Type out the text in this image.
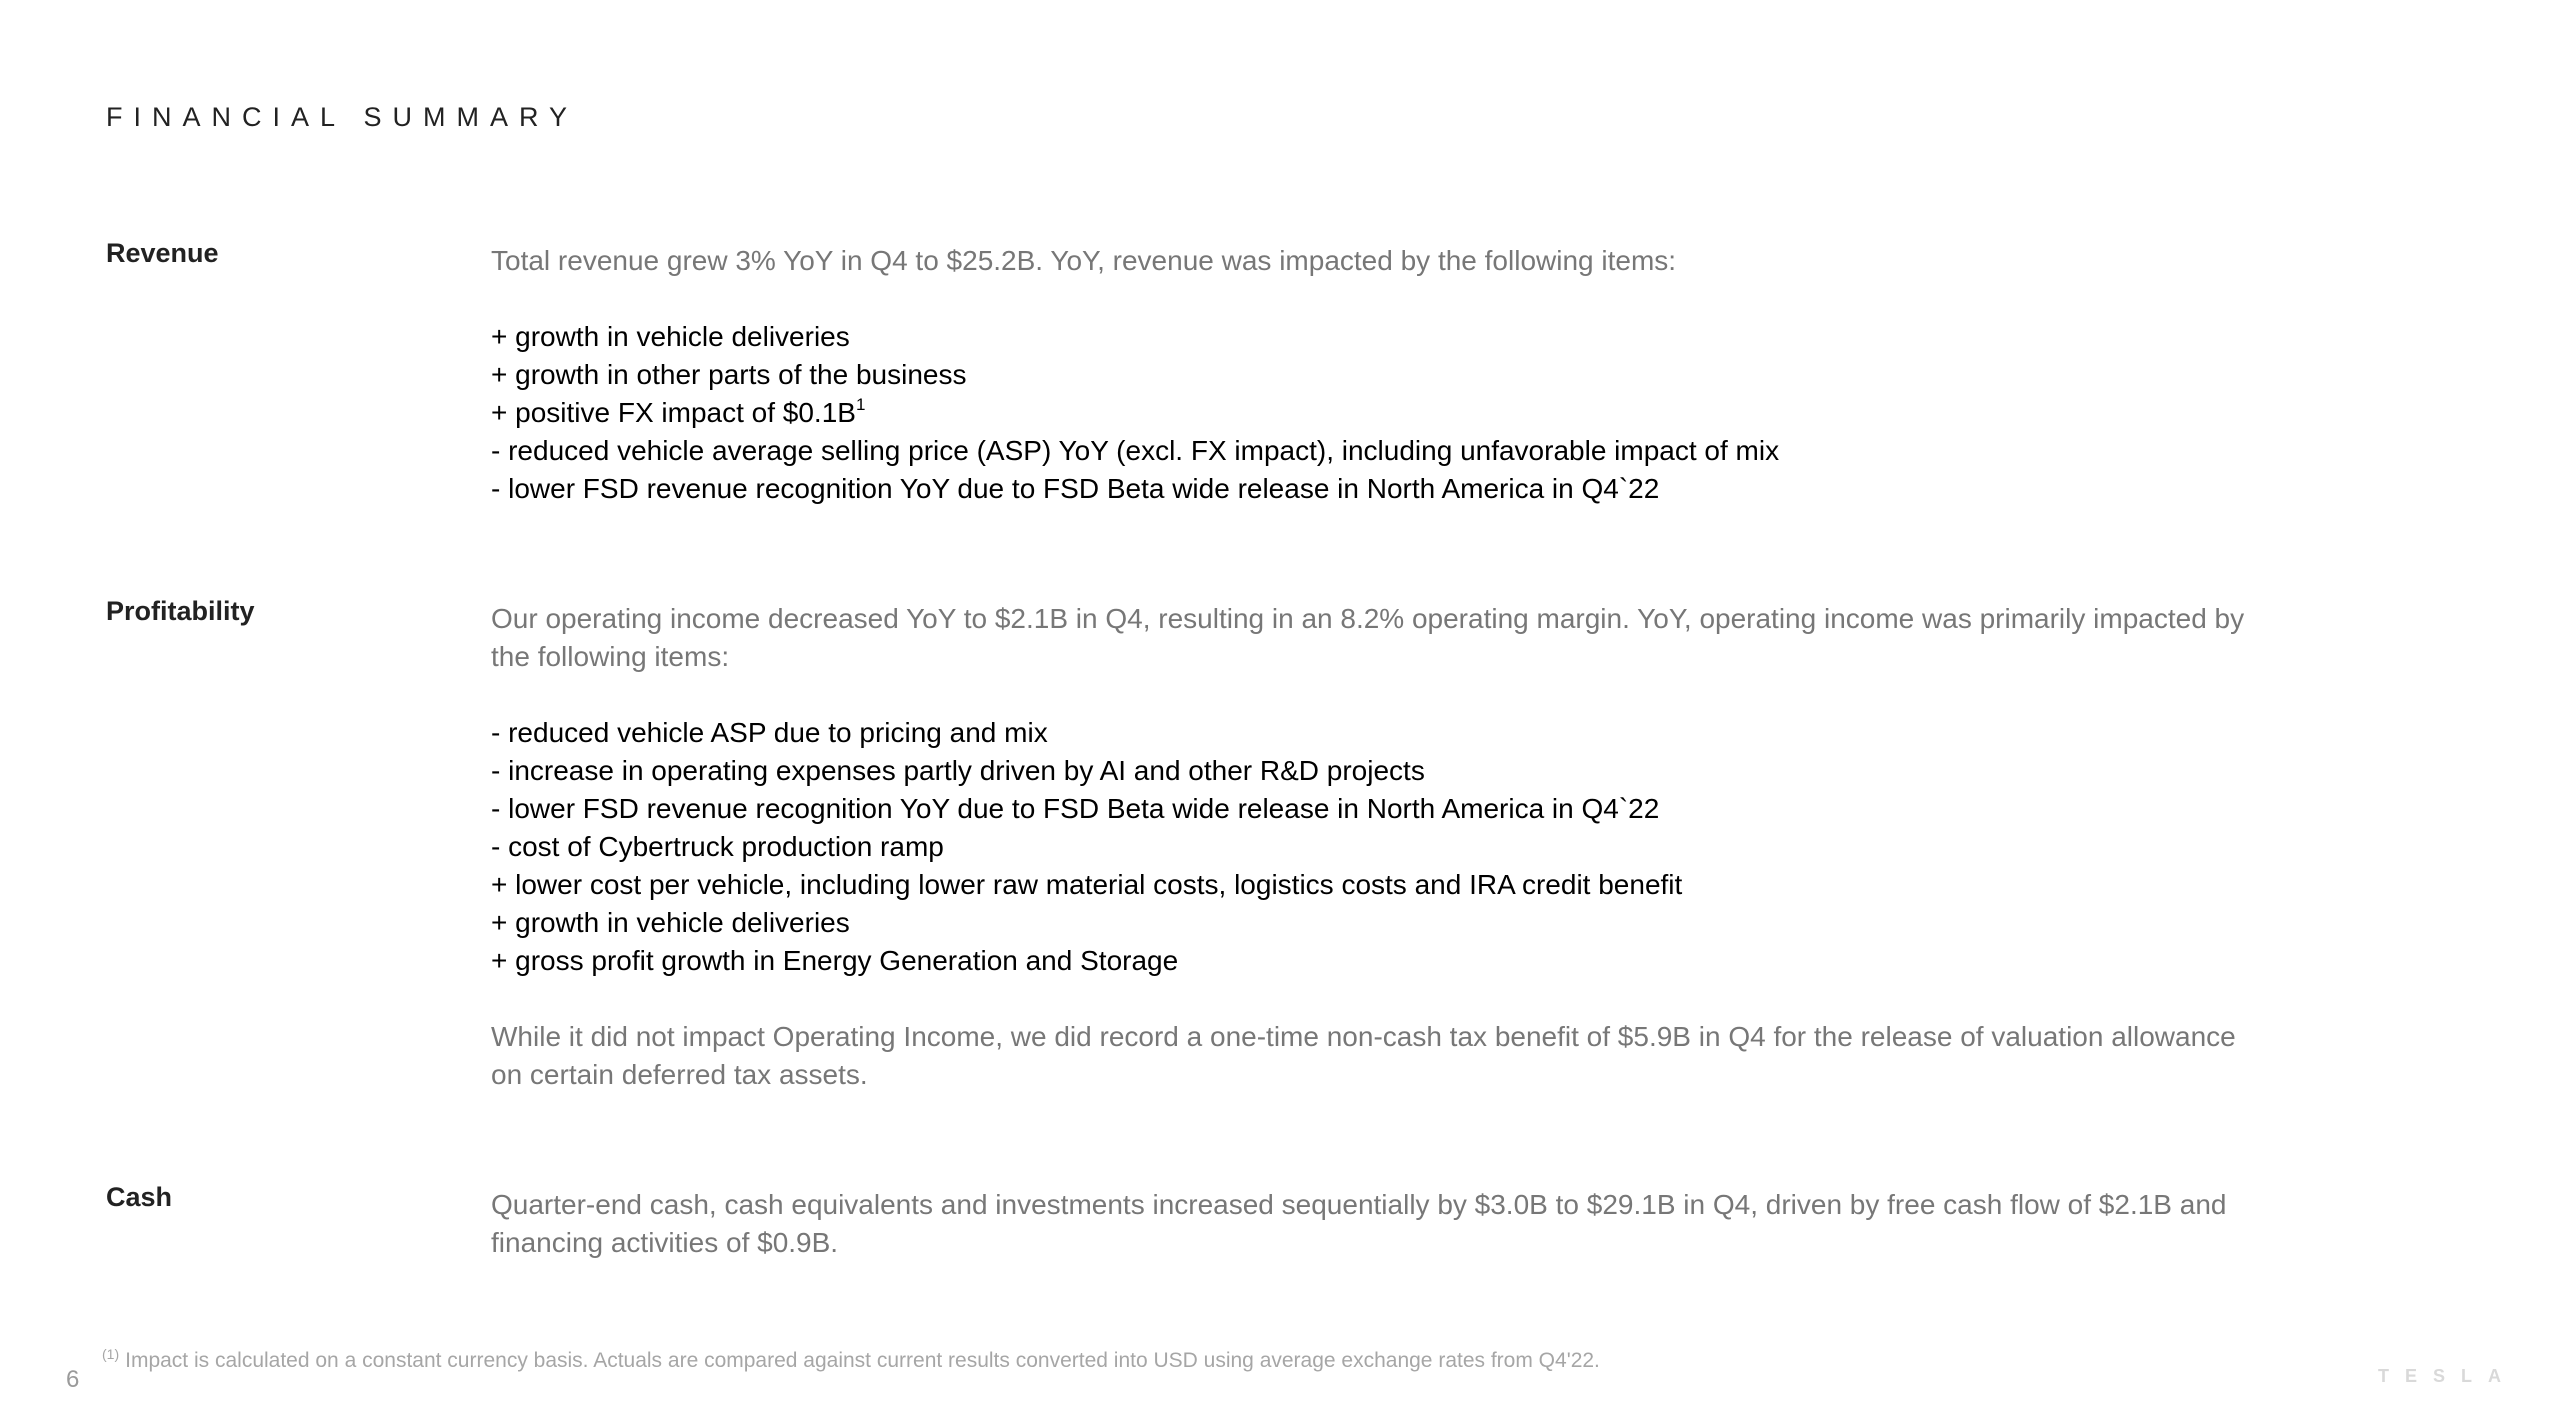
FINANCIAL SUMMARY
Revenue	Total revenue grew 3% YoY in Q4 to $25.2B. YoY, revenue was impacted by the following items:

+ growth in vehicle deliveries
+ growth in other parts of the business
+ positive FX impact of $\$0.1B^1$
- reduced vehicle average selling price (ASP) YoY (excl. FX impact), including unfavorable impact of mix
- lower FSD revenue recognition YoY due to FSD Beta wide release in North America in Q4`22
Profitability	Our operating income decreased YoY to $2.1B in Q4, resulting in an 8.2% operating margin. YoY, operating income was primarily impacted by the following items:

- reduced vehicle ASP due to pricing and mix
- increase in operating expenses partly driven by AI and other R&D projects
- lower FSD revenue recognition YoY due to FSD Beta wide release in North America in Q4`22
- cost of Cybertruck production ramp
+ lower cost per vehicle, including lower raw material costs, logistics costs and IRA credit benefit
+ growth in vehicle deliveries
+ gross profit growth in Energy Generation and Storage

While it did not impact Operating Income, we did record a one-time non-cash tax benefit of $5.9B in Q4 for the release of valuation allowance on certain deferred tax assets.

Cash	Quarter-end cash, cash equivalents and investments increased sequentially by $3.0B to $29.1B in Q4, driven by free cash flow of $2.1B and financing activities of $0.9B.

6
$^{(1)}$ Impact is calculated on a constant currency basis. Actuals are compared against current results converted into USD using average exchange rates from Q4'22.
TESLA
